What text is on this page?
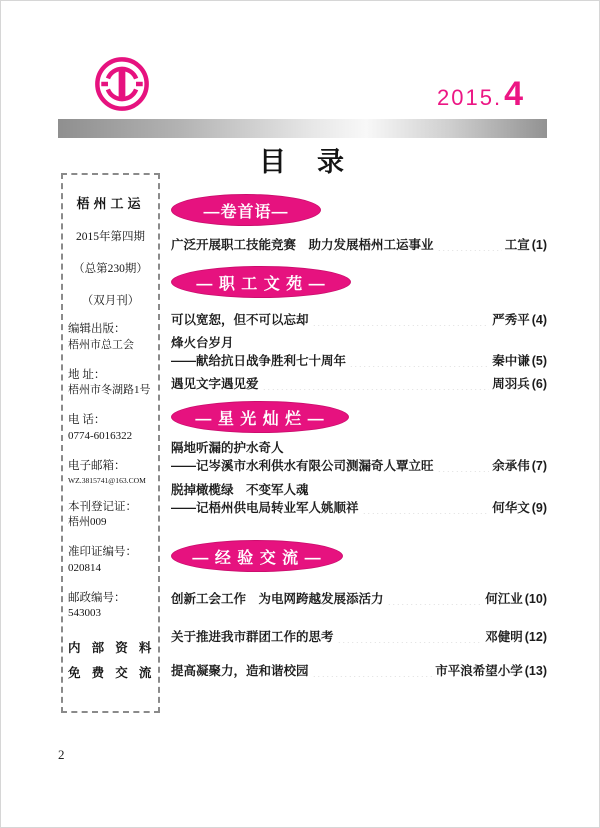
2015. 4
目　录
梧州工运
2015年第四期
（总第230期）
（双月刊）
编辑出版：
梧州市总工会
地 址：
梧州市冬湖路1号
电 话：
0774-6016322
电子邮箱：
WZ.3815741@163.COM
本刊登记证：
梧州009
准印证编号：
020814
邮政编号：
543003
内 部 资 料
免 费 交 流
—卷首语—
广泛开展职工技能竞赛　助力发展梧州工运事业	工宣 (1)
— 职 工 文 苑 —
可以宽恕，但不可以忘却	严秀平 (4)
烽火台岁月
——献给抗日战争胜利七十周年	秦中谦 (5)
遇见文字遇见爱	周羽兵 (6)
— 星 光 灿 烂 —
隔地听漏的护水奇人
——记岑溪市水利供水有限公司测漏奇人覃立旺	余承伟 (7)
脱掉橄榄绿　不变军人魂
——记梧州供电局转业军人姚顺祥	何华文 (9)
— 经 验 交 流 —
创新工会工作　为电网跨越发展添活力	何江业 (10)
关于推进我市群团工作的思考	邓健明 (12)
提高凝聚力，造和谐校园	市平浪希望小学 (13)
2
